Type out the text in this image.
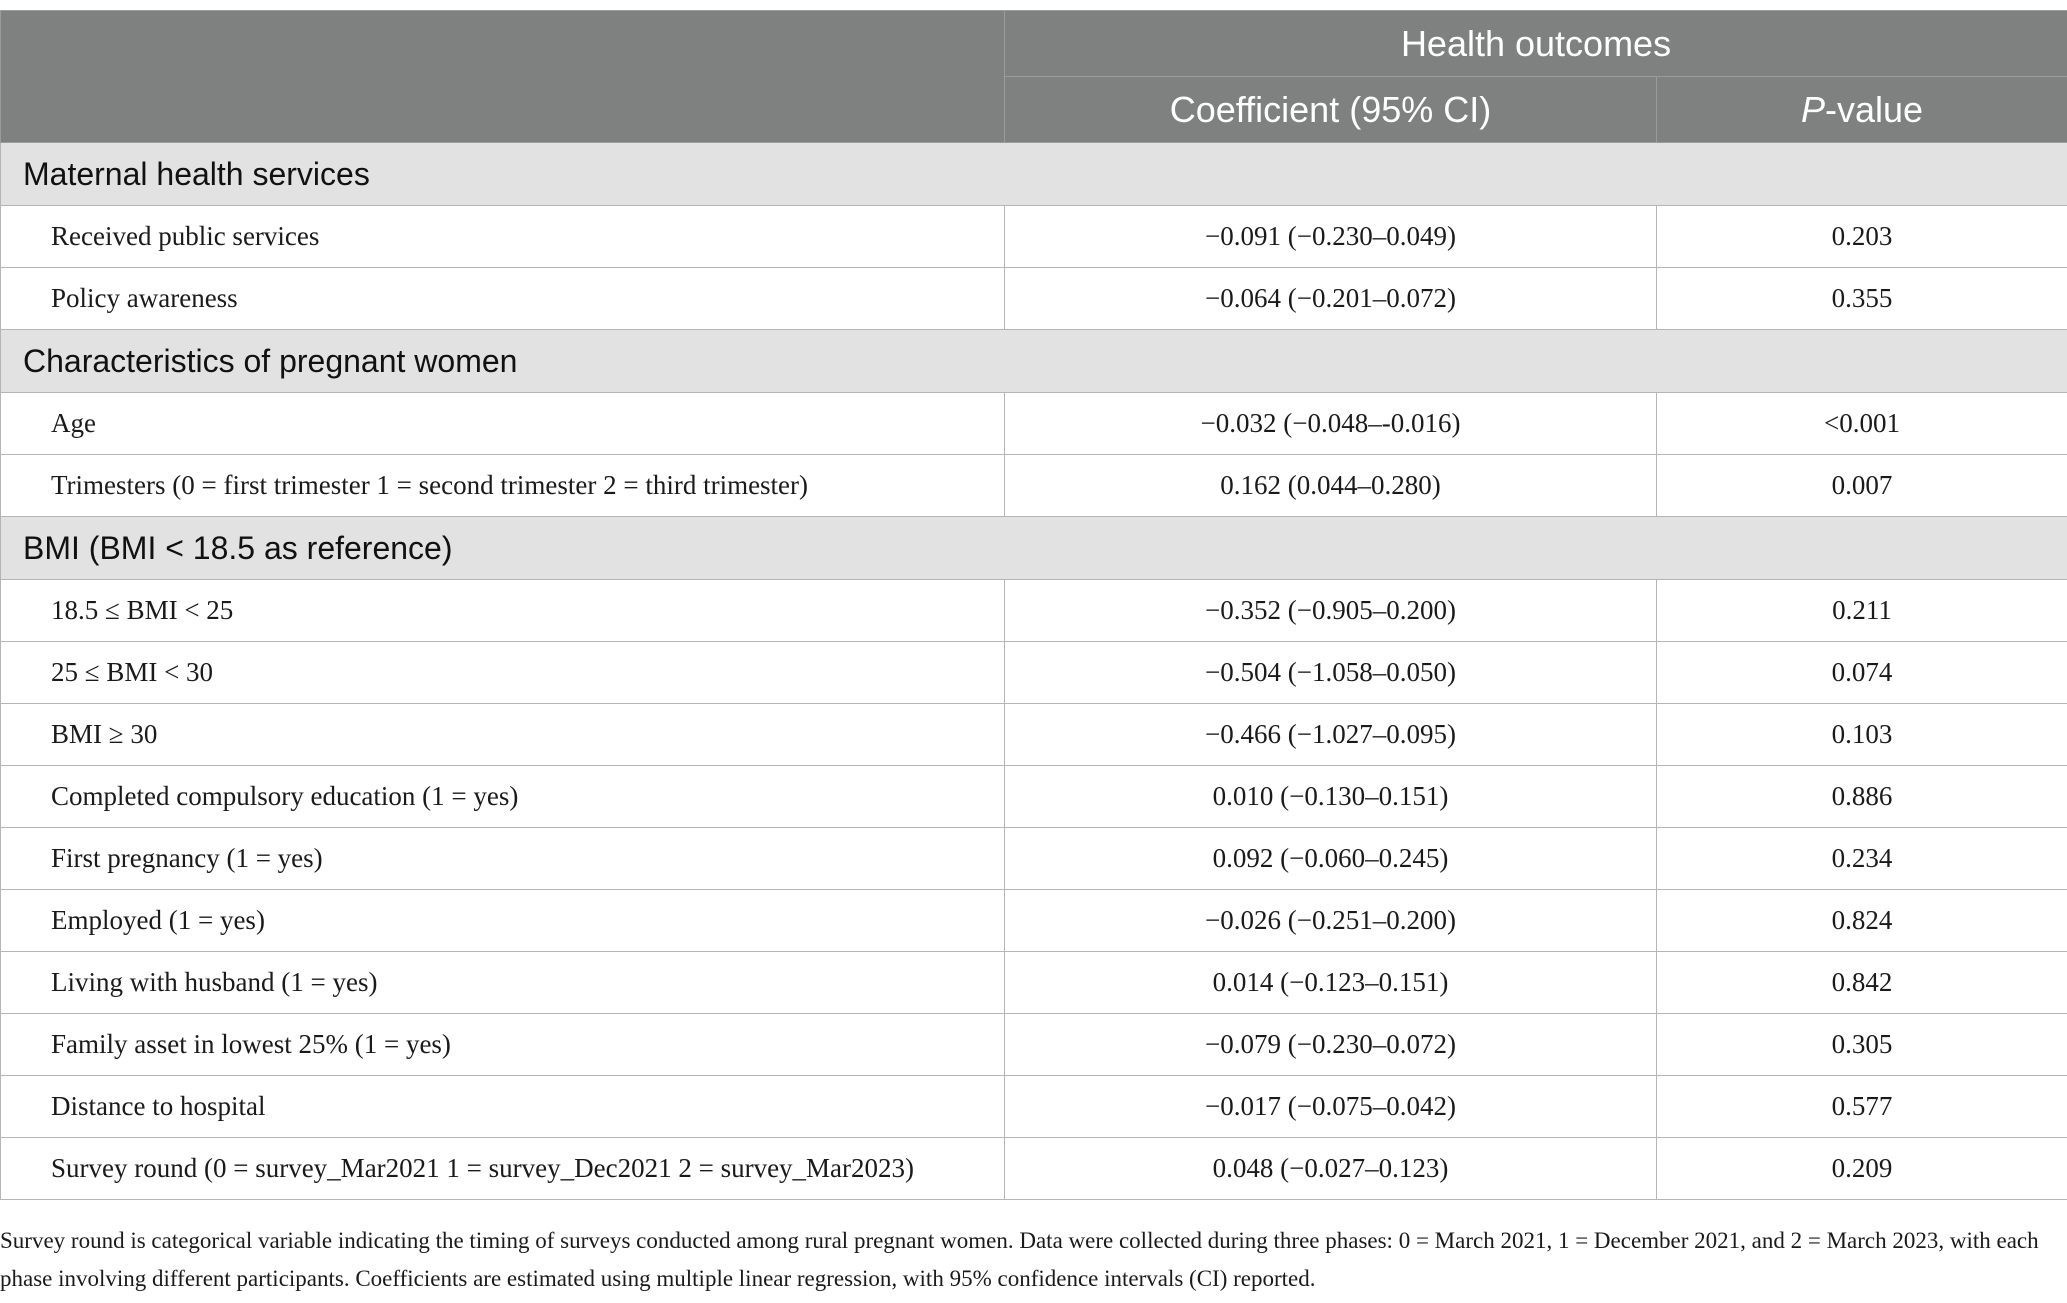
	Health outcomes	
	Coefficient (95% CI)	P-value
Maternal health services		
Received public services	−0.091 (−0.230–0.049)	0.203
Policy awareness	−0.064 (−0.201–0.072)	0.355
Characteristics of pregnant women		
Age	−0.032 (−0.048–-0.016)	<0.001
Trimesters (0 = first trimester 1 = second trimester 2 = third trimester)	0.162 (0.044–0.280)	0.007
BMI (BMI < 18.5 as reference)		
18.5 ≤ BMI < 25	−0.352 (−0.905–0.200)	0.211
25 ≤ BMI < 30	−0.504 (−1.058–0.050)	0.074
BMI ≥ 30	−0.466 (−1.027–0.095)	0.103
Completed compulsory education (1 = yes)	0.010 (−0.130–0.151)	0.886
First pregnancy (1 = yes)	0.092 (−0.060–0.245)	0.234
Employed (1 = yes)	−0.026 (−0.251–0.200)	0.824
Living with husband (1 = yes)	0.014 (−0.123–0.151)	0.842
Family asset in lowest 25% (1 = yes)	−0.079 (−0.230–0.072)	0.305
Distance to hospital	−0.017 (−0.075–0.042)	0.577
Survey round (0 = survey_Mar2021 1 = survey_Dec2021 2 = survey_Mar2023)	0.048 (−0.027–0.123)	0.209

Survey round is categorical variable indicating the timing of surveys conducted among rural pregnant women. Data were collected during three phases: 0 = March 2021, 1 = December 2021, and 2 = March 2023, with each phase involving different participants. Coefficients are estimated using multiple linear regression, with 95% confidence intervals (CI) reported.
